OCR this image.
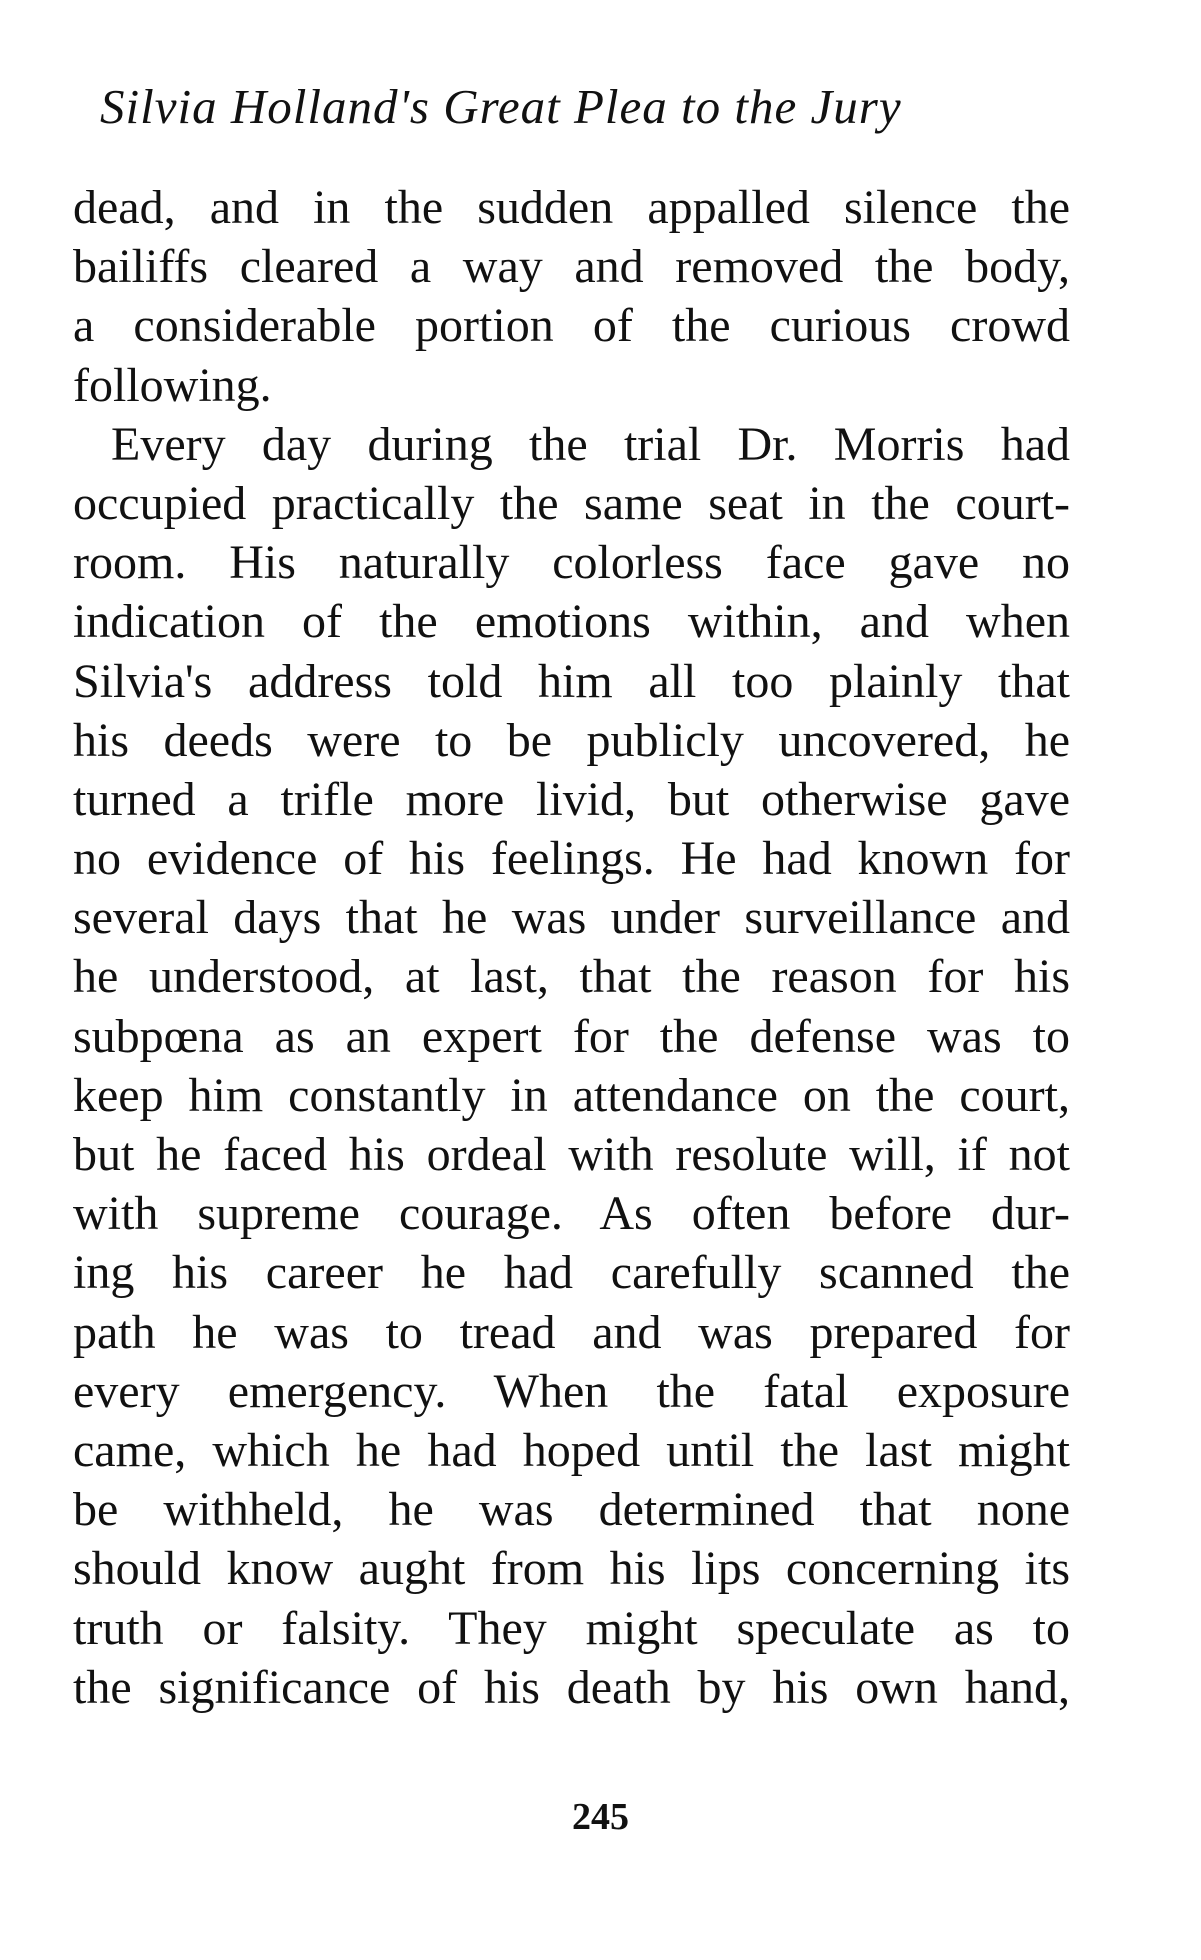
Silvia Holland's Great Plea to the Jury
dead, and in the sudden appalled silence the
bailiffs cleared a way and removed the body,
a considerable portion of the curious crowd
following.
Every day during the trial Dr. Morris had
occupied practically the same seat in the court-
room. His naturally colorless face gave no
indication of the emotions within, and when
Silvia's address told him all too plainly that
his deeds were to be publicly uncovered, he
turned a trifle more livid, but otherwise gave
no evidence of his feelings. He had known for
several days that he was under surveillance and
he understood, at last, that the reason for his
subpœna as an expert for the defense was to
keep him constantly in attendance on the court,
but he faced his ordeal with resolute will, if not
with supreme courage. As often before dur-
ing his career he had carefully scanned the
path he was to tread and was prepared for
every emergency. When the fatal exposure
came, which he had hoped until the last might
be withheld, he was determined that none
should know aught from his lips concerning its
truth or falsity. They might speculate as to
the significance of his death by his own hand,
245
